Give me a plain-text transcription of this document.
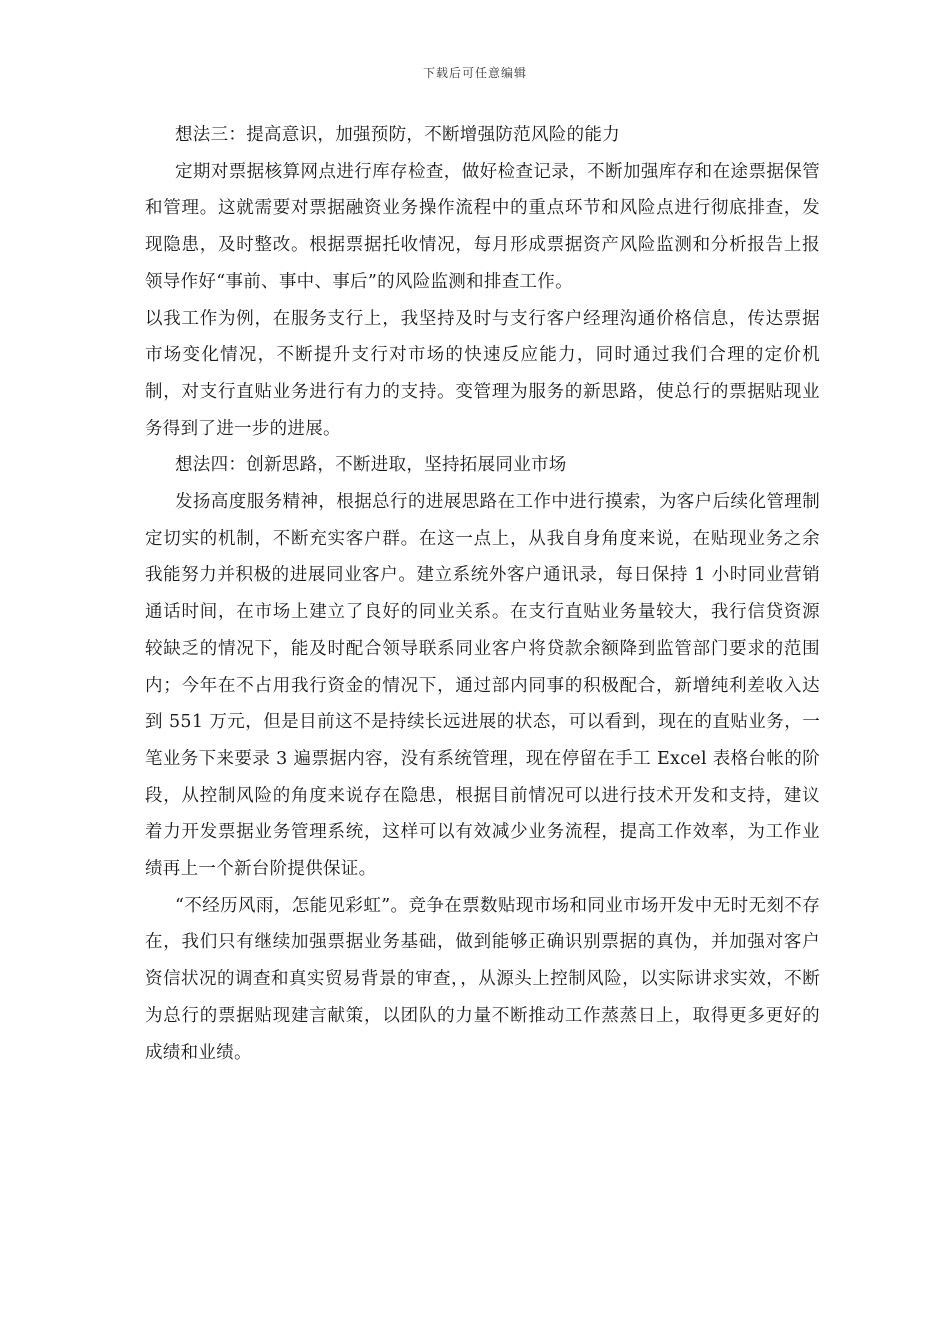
下载后可任意编辑

想法三：提高意识，加强预防，不断增强防范风险的能力

定期对票据核算网点进行库存检查，做好检查记录，不断加强库存和在途票据保管和管理。这就需要对票据融资业务操作流程中的重点环节和风险点进行彻底排查，发现隐患，及时整改。根据票据托收情况，每月形成票据资产风险监测和分析报告上报领导作好“事前、事中、事后”的风险监测和排查工作。

以我工作为例，在服务支行上，我坚持及时与支行客户经理沟通价格信息，传达票据市场变化情况，不断提升支行对市场的快速反应能力，同时通过我们合理的定价机制，对支行直贴业务进行有力的支持。变管理为服务的新思路，使总行的票据贴现业务得到了进一步的进展。

想法四：创新思路，不断进取，坚持拓展同业市场

发扬高度服务精神，根据总行的进展思路在工作中进行摸索，为客户后续化管理制定切实的机制，不断充实客户群。在这一点上，从我自身角度来说，在贴现业务之余我能努力并积极的进展同业客户。建立系统外客户通讯录，每日保持 1 小时同业营销通话时间，在市场上建立了良好的同业关系。在支行直贴业务量较大，我行信贷资源较缺乏的情况下，能及时配合领导联系同业客户将贷款余额降到监管部门要求的范围内；今年在不占用我行资金的情况下，通过部内同事的积极配合，新增纯利差收入达到 551 万元，但是目前这不是持续长远进展的状态，可以看到，现在的直贴业务，一笔业务下来要录 3 遍票据内容，没有系统管理，现在停留在手工 Excel 表格台帐的阶段，从控制风险的角度来说存在隐患，根据目前情况可以进行技术开发和支持，建议着力开发票据业务管理系统，这样可以有效减少业务流程，提高工作效率，为工作业绩再上一个新台阶提供保证。

“不经历风雨，怎能见彩虹”。竞争在票数贴现市场和同业市场开发中无时无刻不存在，我们只有继续加强票据业务基础，做到能够正确识别票据的真伪，并加强对客户资信状况的调查和真实贸易背景的审查，，从源头上控制风险，以实际讲求实效，不断为总行的票据贴现建言献策，以团队的力量不断推动工作蒸蒸日上，取得更多更好的成绩和业绩。
